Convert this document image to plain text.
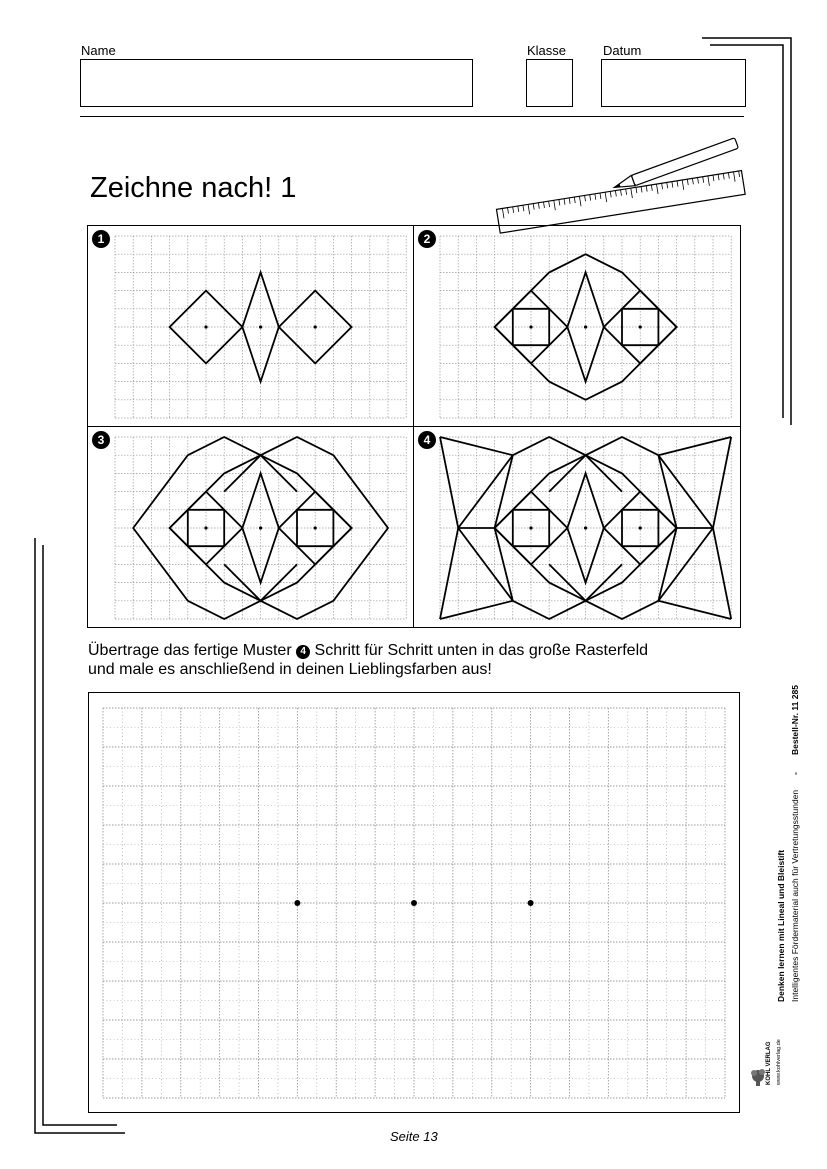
Name	Klasse	Datum
Zeichne nach! 1
1	2
3	4
Übertrage das fertige Muster 4 Schritt für Schritt unten in das große Rasterfeld
und male es anschließend in deinen Lieblingsfarben aus!
Seite 13
Bestell-Nr. 11 285
-
Denken lernen mit Lineal und Bleistift Intelligentes Fördermaterial auch für Vertretungsstunden
KOHL VERLAG www.kohlverlag.de
